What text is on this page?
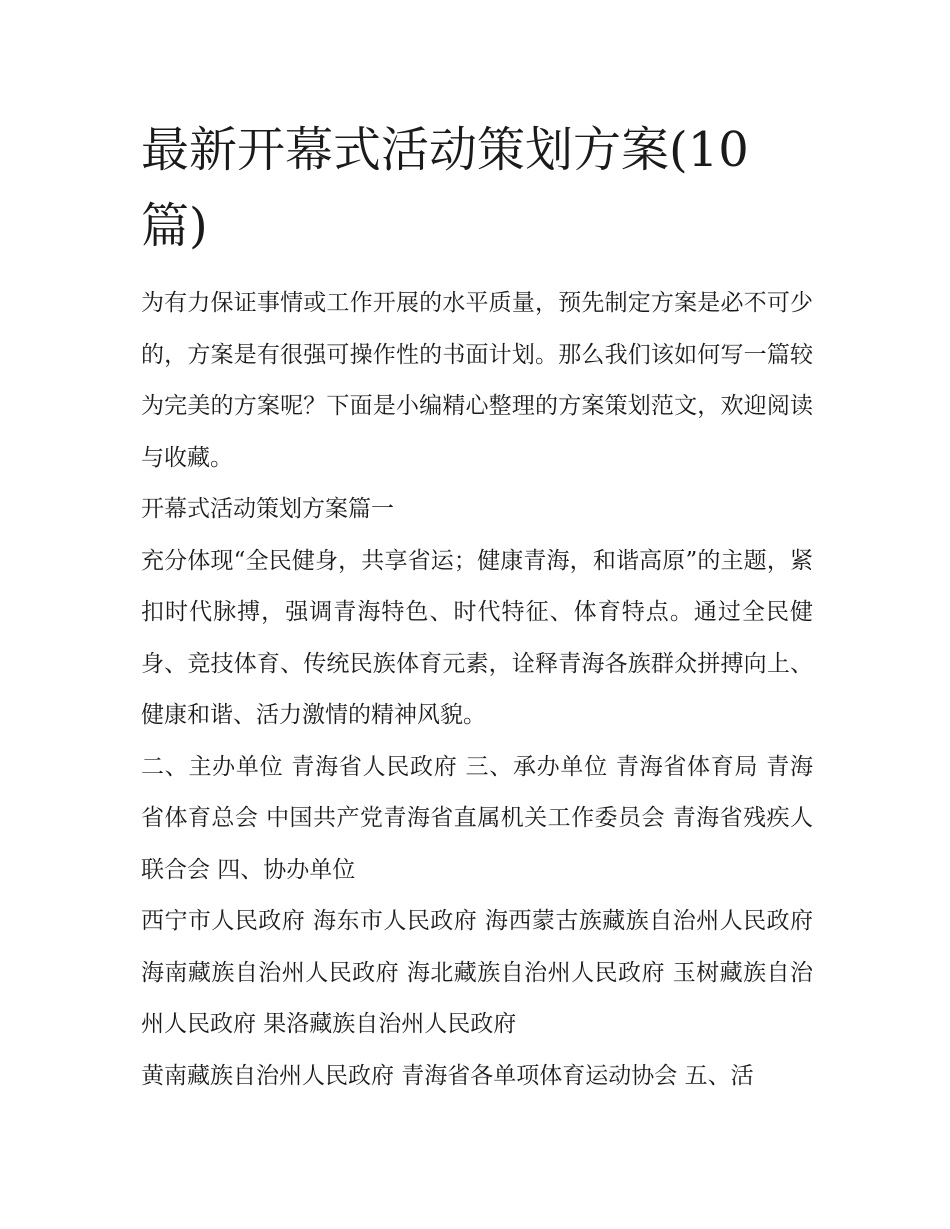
最新开幕式活动策划方案(10篇)

为有力保证事情或工作开展的水平质量，预先制定方案是必不可少的，方案是有很强可操作性的书面计划。那么我们该如何写一篇较为完美的方案呢？下面是小编精心整理的方案策划范文，欢迎阅读与收藏。

开幕式活动策划方案篇一

充分体现“全民健身，共享省运；健康青海，和谐高原”的主题，紧扣时代脉搏，强调青海特色、时代特征、体育特点。通过全民健身、竞技体育、传统民族体育元素，诠释青海各族群众拼搏向上、健康和谐、活力激情的精神风貌。

二、主办单位 青海省人民政府 三、承办单位 青海省体育局 青海省体育总会 中国共产党青海省直属机关工作委员会 青海省残疾人联合会 四、协办单位

西宁市人民政府 海东市人民政府 海西蒙古族藏族自治州人民政府 海南藏族自治州人民政府 海北藏族自治州人民政府 玉树藏族自治州人民政府 果洛藏族自治州人民政府

黄南藏族自治州人民政府 青海省各单项体育运动协会 五、活
